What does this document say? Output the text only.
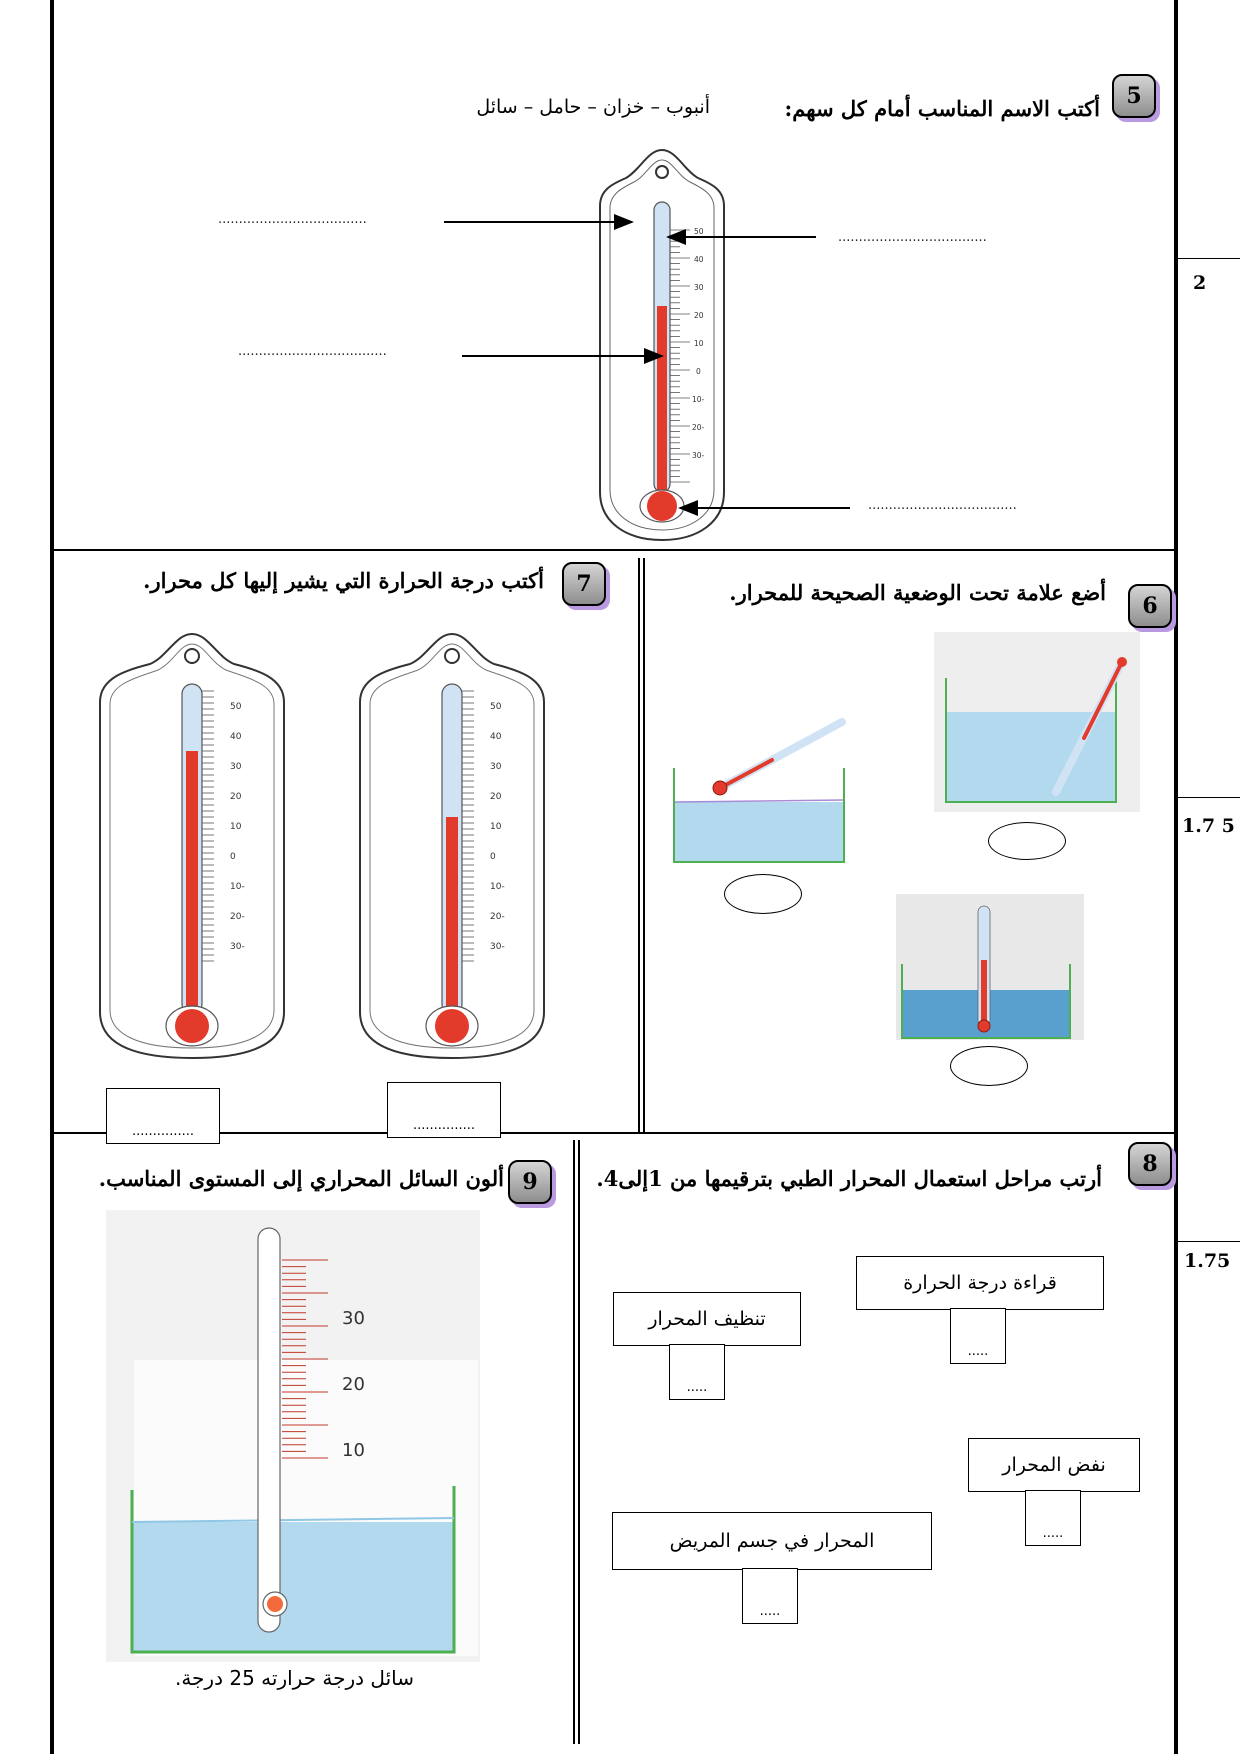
2
1.7 5
1.75
5
أكتب الاسم المناسب أمام كل سهم:
أنبوب – خزان – حامل – سائل
50
40
30
20
10
0
10-
20-
30-
....................................
....................................
....................................
....................................
6
أضع علامة تحت الوضعية الصحيحة للمحرار.
7
أكتب درجة الحرارة التي يشير إليها كل محرار.
50
40
30
20
10
0
10-
20-
30-
50
40
30
20
10
0
10-
20-
30-
...............	...............
8
أرتب مراحل استعمال المحرار الطبي بترقيمها من 1إلى4.
قراءة درجة الحرارة
.....
تنظيف المحرار
.....
نفض المحرار
.....
المحرار في جسم المريض
.....
9
ألون السائل المحراري إلى المستوى المناسب.
30
20
10
سائل درجة حرارته 25 درجة.
